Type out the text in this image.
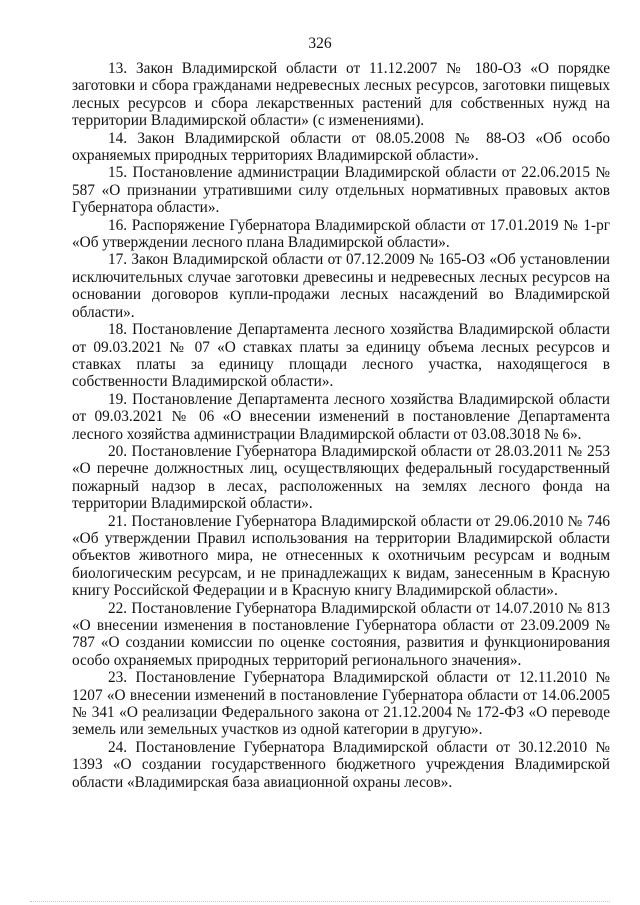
326

13. Закон Владимирской области от 11.12.2007 № 180-ОЗ «О порядке заготовки и сбора гражданами недревесных лесных ресурсов, заготовки пищевых лесных ресурсов и сбора лекарственных растений для собственных нужд на территории Владимирской области» (с изменениями).

14. Закон Владимирской области от 08.05.2008 № 88-ОЗ «Об особо охраняемых природных территориях Владимирской области».

15. Постановление администрации Владимирской области от 22.06.2015 № 587 «О признании утратившими силу отдельных нормативных правовых актов Губернатора области».

16. Распоряжение Губернатора Владимирской области от 17.01.2019 № 1-рг «Об утверждении лесного плана Владимирской области».

17. Закон Владимирской области от 07.12.2009 № 165-ОЗ «Об установлении исключительных случае заготовки древесины и недревесных лесных ресурсов на основании договоров купли-продажи лесных насаждений во Владимирской области».

18. Постановление Департамента лесного хозяйства Владимирской области от 09.03.2021 № 07 «О ставках платы за единицу объема лесных ресурсов и ставках платы за единицу площади лесного участка, находящегося в собственности Владимирской области».

19. Постановление Департамента лесного хозяйства Владимирской области от 09.03.2021 № 06 «О внесении изменений в постановление Департамента лесного хозяйства администрации Владимирской области от 03.08.3018 № 6».

20. Постановление Губернатора Владимирской области от 28.03.2011 № 253 «О перечне должностных лиц, осуществляющих федеральный государственный пожарный надзор в лесах, расположенных на землях лесного фонда на территории Владимирской области».

21. Постановление Губернатора Владимирской области от 29.06.2010 № 746 «Об утверждении Правил использования на территории Владимирской области объектов животного мира, не отнесенных к охотничьим ресурсам и водным биологическим ресурсам, и не принадлежащих к видам, занесенным в Красную книгу Российской Федерации и в Красную книгу Владимирской области».

22. Постановление Губернатора Владимирской области от 14.07.2010 № 813 «О внесении изменения в постановление Губернатора области от 23.09.2009 № 787 «О создании комиссии по оценке состояния, развития и функционирования особо охраняемых природных территорий регионального значения».

23. Постановление Губернатора Владимирской области от 12.11.2010 № 1207 «О внесении изменений в постановление Губернатора области от 14.06.2005 № 341 «О реализации Федерального закона от 21.12.2004 № 172-ФЗ «О переводе земель или земельных участков из одной категории в другую».

24. Постановление Губернатора Владимирской области от 30.12.2010 № 1393 «О создании государственного бюджетного учреждения Владимирской области «Владимирская база авиационной охраны лесов».
